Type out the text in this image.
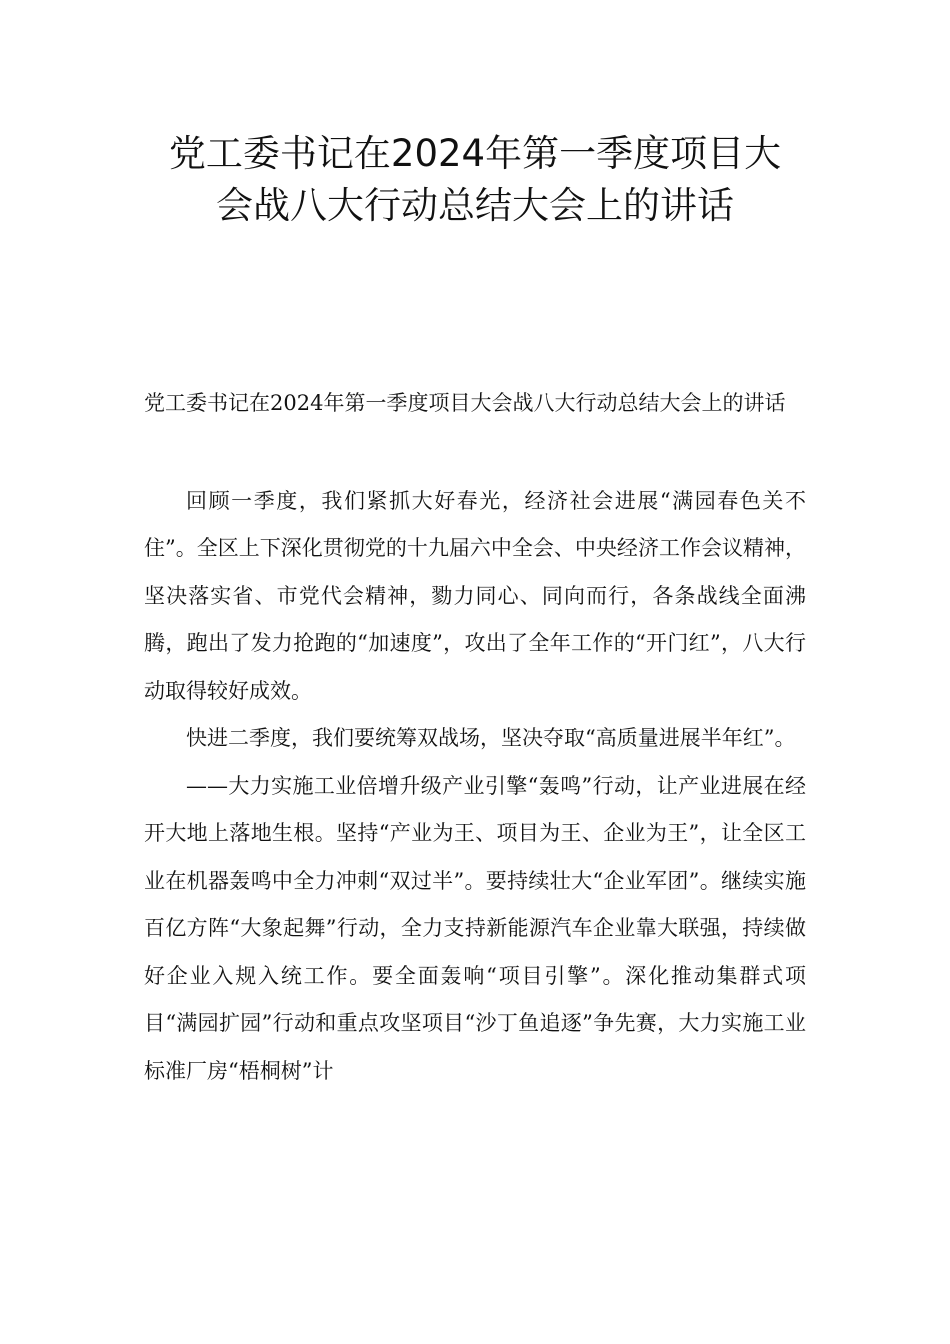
党工委书记在2024年第一季度项目大
会战八大行动总结大会上的讲话

党工委书记在2024年第一季度项目大会战八大行动总结大会上的讲话

回顾一季度，我们紧抓大好春光，经济社会进展“满园春色关不住”。全区上下深化贯彻党的十九届六中全会、中央经济工作会议精神，坚决落实省、市党代会精神，勠力同心、同向而行，各条战线全面沸腾，跑出了发力抢跑的“加速度”，攻出了全年工作的“开门红”，八大行动取得较好成效。

快进二季度，我们要统筹双战场，坚决夺取“高质量进展半年红”。

——大力实施工业倍增升级产业引擎“轰鸣”行动，让产业进展在经开大地上落地生根。坚持“产业为王、项目为王、企业为王”，让全区工业在机器轰鸣中全力冲刺“双过半”。要持续壮大“企业军团”。继续实施百亿方阵“大象起舞”行动，全力支持新能源汽车企业靠大联强，持续做好企业入规入统工作。要全面轰响“项目引擎”。深化推动集群式项目“满园扩园”行动和重点攻坚项目“沙丁鱼追逐”争先赛，大力实施工业标准厂房“梧桐树”计
